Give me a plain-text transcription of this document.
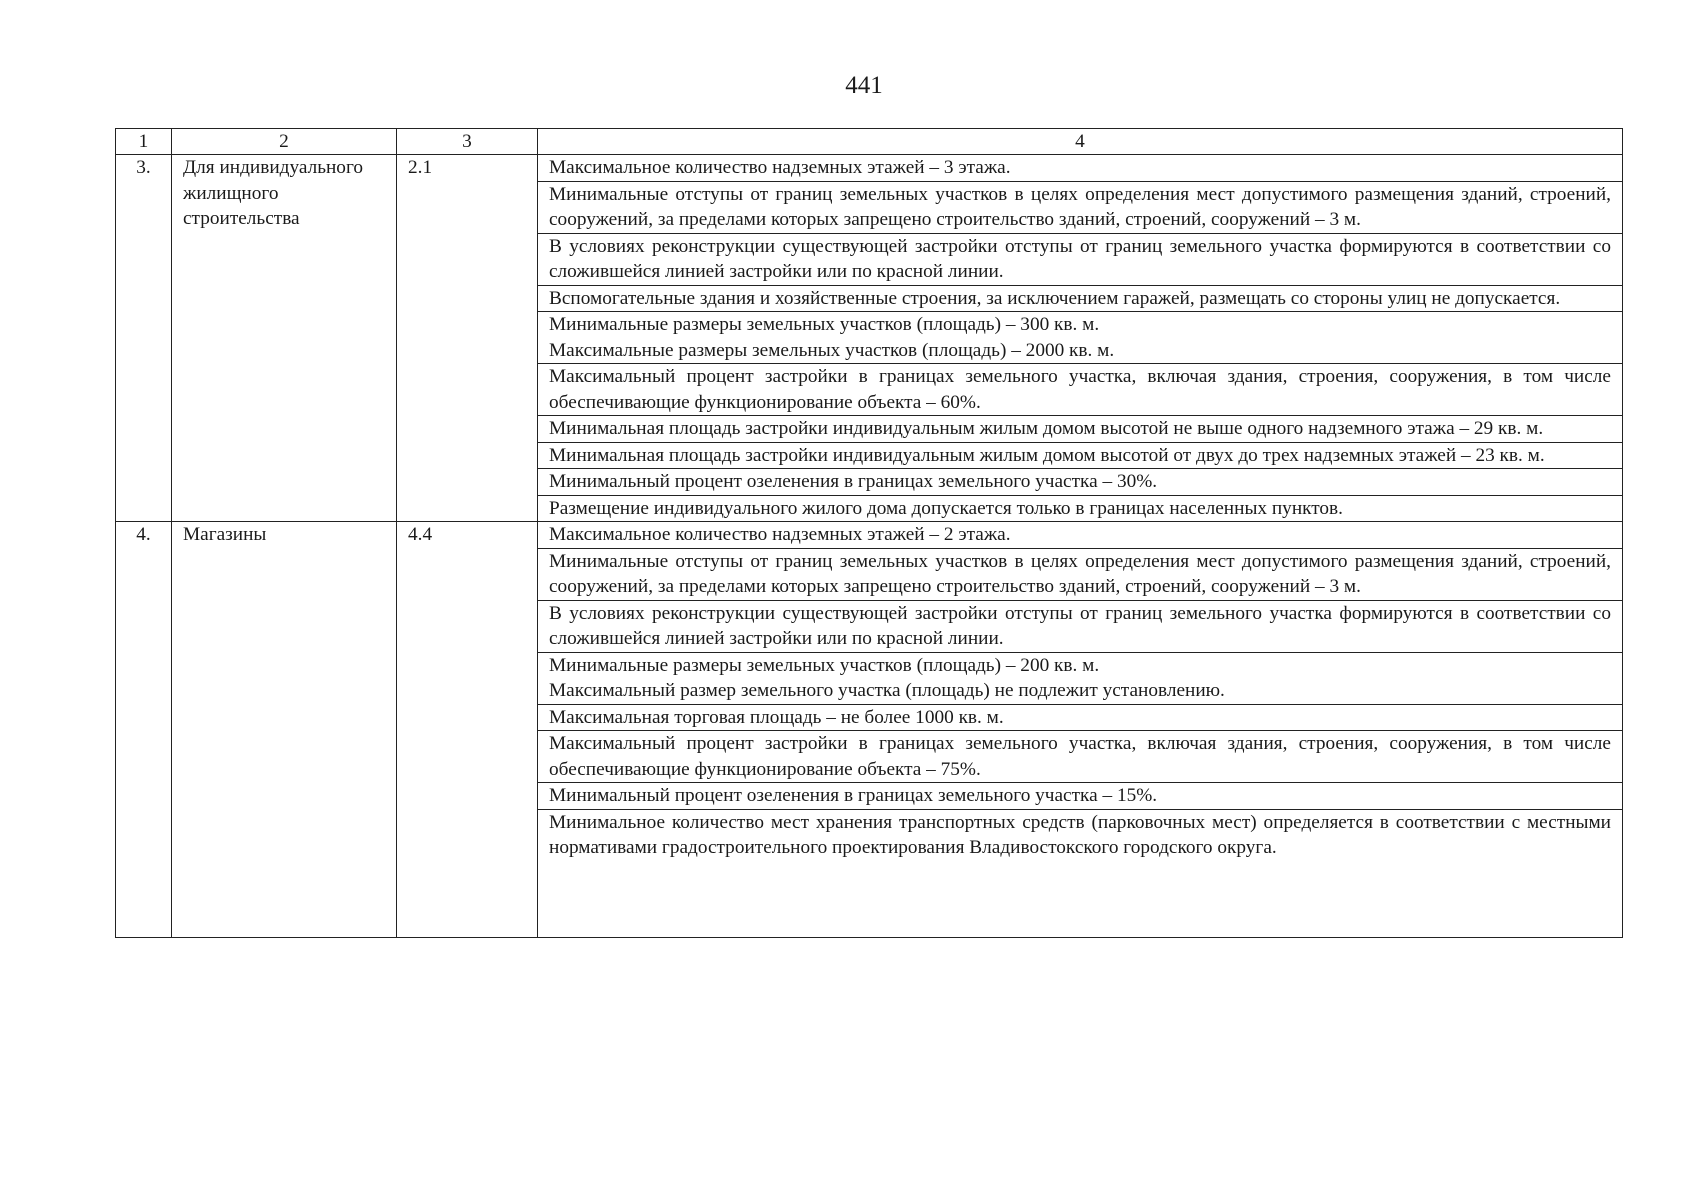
441
1	2	3	4
3.	Для индивидуального жилищного строительства	2.1	Максимальное количество надземных этажей – 3 этажа.
			Минимальные отступы от границ земельных участков в целях определения мест допустимого размещения зданий, строений, сооружений, за пределами которых запрещено строительство зданий, строений, сооружений – 3 м.
			В условиях реконструкции существующей застройки отступы от границ земельного участка формируются в соответствии со сложившейся линией застройки или по красной линии.
			Вспомогательные здания и хозяйственные строения, за исключением гаражей, размещать со стороны улиц не допускается.

			Минимальные размеры земельных участков (площадь) – 300 кв. м.
Максимальные размеры земельных участков (площадь) – 2000 кв. м.

			Максимальный процент застройки в границах земельного участка, включая здания, строения, сооружения, в том числе обеспечивающие функционирование объекта – 60%.
			Минимальная площадь застройки индивидуальным жилым домом высотой не выше одного надземного этажа – 29 кв. м.
			Минимальная площадь застройки индивидуальным жилым домом высотой от двух до трех надземных этажей – 23 кв. м.
			Минимальный процент озеленения в границах земельного участка – 30%.
			Размещение индивидуального жилого дома допускается только в границах населенных пунктов.
4.	Магазины	4.4	Максимальное количество надземных этажей – 2 этажа.
			Минимальные отступы от границ земельных участков в целях определения мест допустимого размещения зданий, строений, сооружений, за пределами которых запрещено строительство зданий, строений, сооружений – 3 м.
			В условиях реконструкции существующей застройки отступы от границ земельного участка формируются в соответствии со сложившейся линией застройки или по красной линии.

			Минимальные размеры земельных участков (площадь) – 200 кв. м.
Максимальный размер земельного участка (площадь) не подлежит установлению.

			Максимальная торговая площадь – не более 1000 кв. м.
			Максимальный процент застройки в границах земельного участка, включая здания, строения, сооружения, в том числе обеспечивающие функционирование объекта – 75%.
			Минимальный процент озеленения в границах земельного участка – 15%.
			Минимальное количество мест хранения транспортных средств (парковочных мест) определяется в соответствии с местными нормативами градостроительного проектирования Владивостокского городского округа.
